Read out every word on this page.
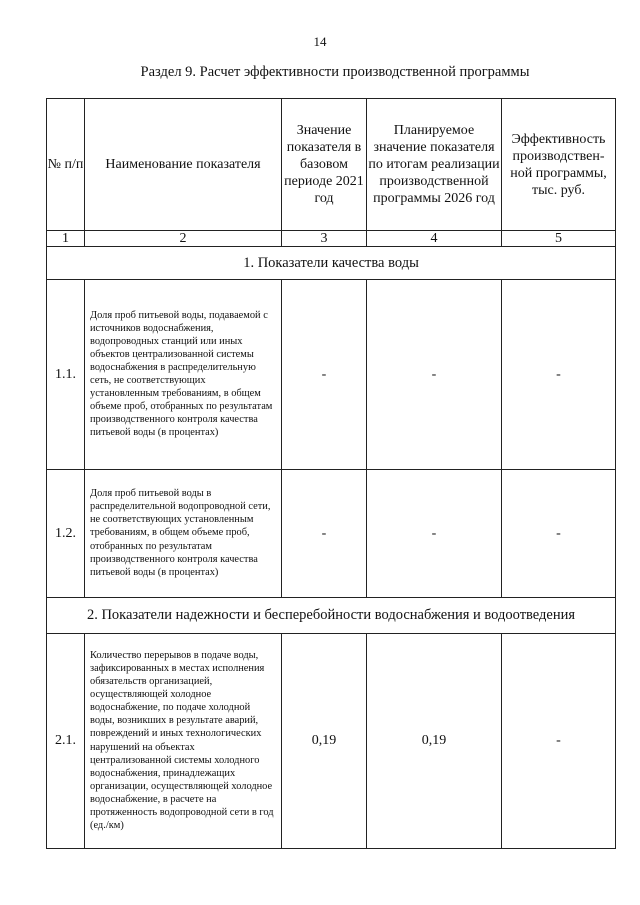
14
Раздел 9. Расчет эффективности производственной программы
№ п/п	Наименование показателя	Значение показателя в базовом периоде 2021 год	Планируемое значение показателя по итогам реализации производственной программы 2026 год	Эффективность производствен-ной программы, тыс. руб.
1	2	3	4	5
1. Показатели качества воды				
1.1.	Доля проб питьевой воды, подаваемой с источников водоснабжения, водопроводных станций или иных объектов централизованной системы водоснабжения в распределительную сеть, не соответствующих установленным требованиям, в общем объеме проб, отобранных по результатам производственного контроля качества питьевой воды (в процентах)	-	-	-
1.2.	Доля проб питьевой воды в распределительной водопроводной сети, не соответствующих установленным требованиям, в общем объеме проб, отобранных по результатам производственного контроля качества питьевой воды (в процентах)	-	-	-
2. Показатели надежности и бесперебойности водоснабжения и водоотведения				
2.1.	Количество перерывов в подаче воды, зафиксированных в местах исполнения обязательств организацией, осуществляющей холодное водоснабжение, по подаче холодной воды, возникших в результате аварий, повреждений и иных технологических нарушений на объектах централизованной системы холодного водоснабжения, принадлежащих организации, осуществляющей холодное водоснабжение, в расчете на протяженность водопроводной сети в год (ед./км)	0,19	0,19	-
